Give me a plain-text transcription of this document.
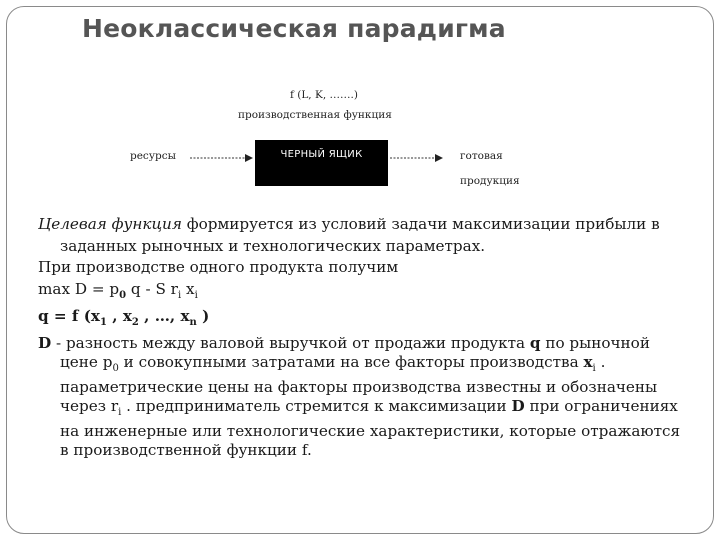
Неоклассическая парадигма
f (L, K, …….)
производственная функция
ресурсы	ЧЕРНЫЙ ЯЩИК	готовая
продукция

Целевая функция формируется из условий задачи максимизации прибыли в заданных рыночных и технологических параметрах.

При производстве одного продукта получим

$\max D = p_0$ q - S $r_i$ $x_i$

q = f ($x_1$ , $x_2$ , …, $x_n$ )

D - разность между валовой выручкой от продажи продукта q по рыночной цене $p_0$ и совокупными затратами на все факторы производства $x_i$ . параметрические цены на факторы производства известны и обозначены через $r_i$ . предприниматель стремится к максимизации D при ограничениях на инженерные или технологические характеристики, которые отражаются в производственной функции f.
